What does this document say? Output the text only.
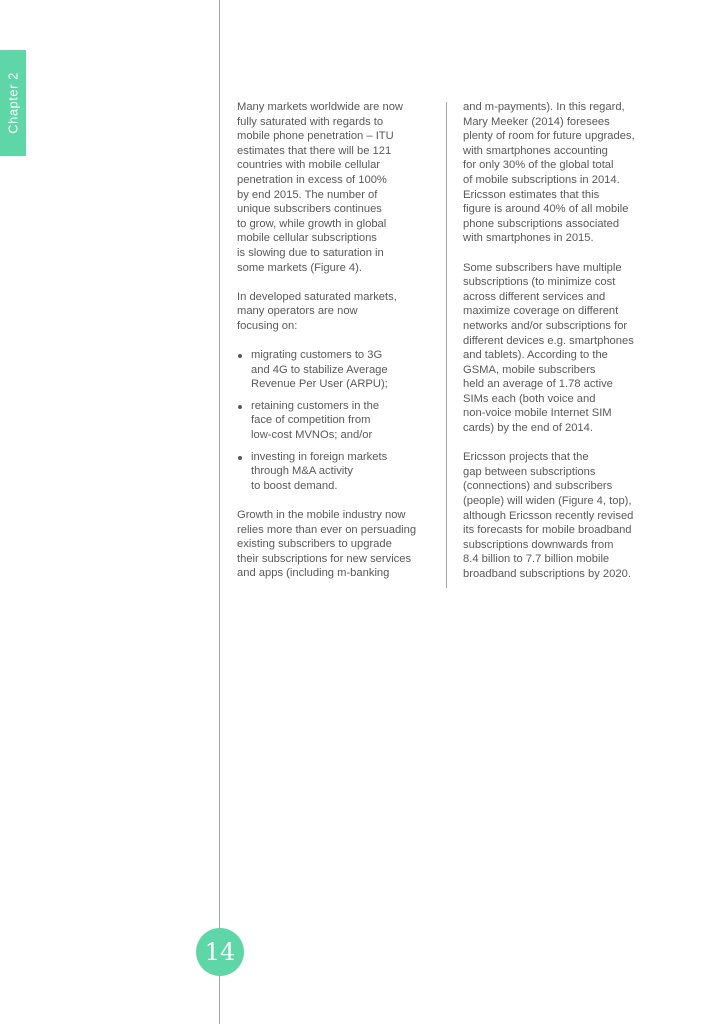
Chapter 2	Many markets worldwide are now
fully saturated with regards to
mobile phone penetration – ITU
estimates that there will be 121
countries with mobile cellular
penetration in excess of 100%
by end 2015. The number of
unique subscribers continues
to grow, while growth in global
mobile cellular subscriptions
is slowing due to saturation in
some markets (Figure 4).

In developed saturated markets,
many operators are now
focusing on:

migrating customers to 3G
and 4G to stabilize Average
Revenue Per User (ARPU);
retaining customers in the
face of competition from
low-cost MVNOs; and/or
investing in foreign markets
through M&A activity
to boost demand.

Growth in the mobile industry now
relies more than ever on persuading
existing subscribers to upgrade
their subscriptions for new services
and apps (including m-banking

and m-payments). In this regard,
Mary Meeker (2014) foresees
plenty of room for future upgrades,
with smartphones accounting
for only 30% of the global total
of mobile subscriptions in 2014.
Ericsson estimates that this
figure is around 40% of all mobile
phone subscriptions associated
with smartphones in 2015.

Some subscribers have multiple
subscriptions (to minimize cost
across different services and
maximize coverage on different
networks and/or subscriptions for
different devices e.g. smartphones
and tablets). According to the
GSMA, mobile subscribers
held an average of 1.78 active
SIMs each (both voice and
non-voice mobile Internet SIM
cards) by the end of 2014.

Ericsson projects that the
gap between subscriptions
(connections) and subscribers
(people) will widen (Figure 4, top),
although Ericsson recently revised
its forecasts for mobile broadband
subscriptions downwards from
8.4 billion to 7.7 billion mobile
broadband subscriptions by 2020.

14
